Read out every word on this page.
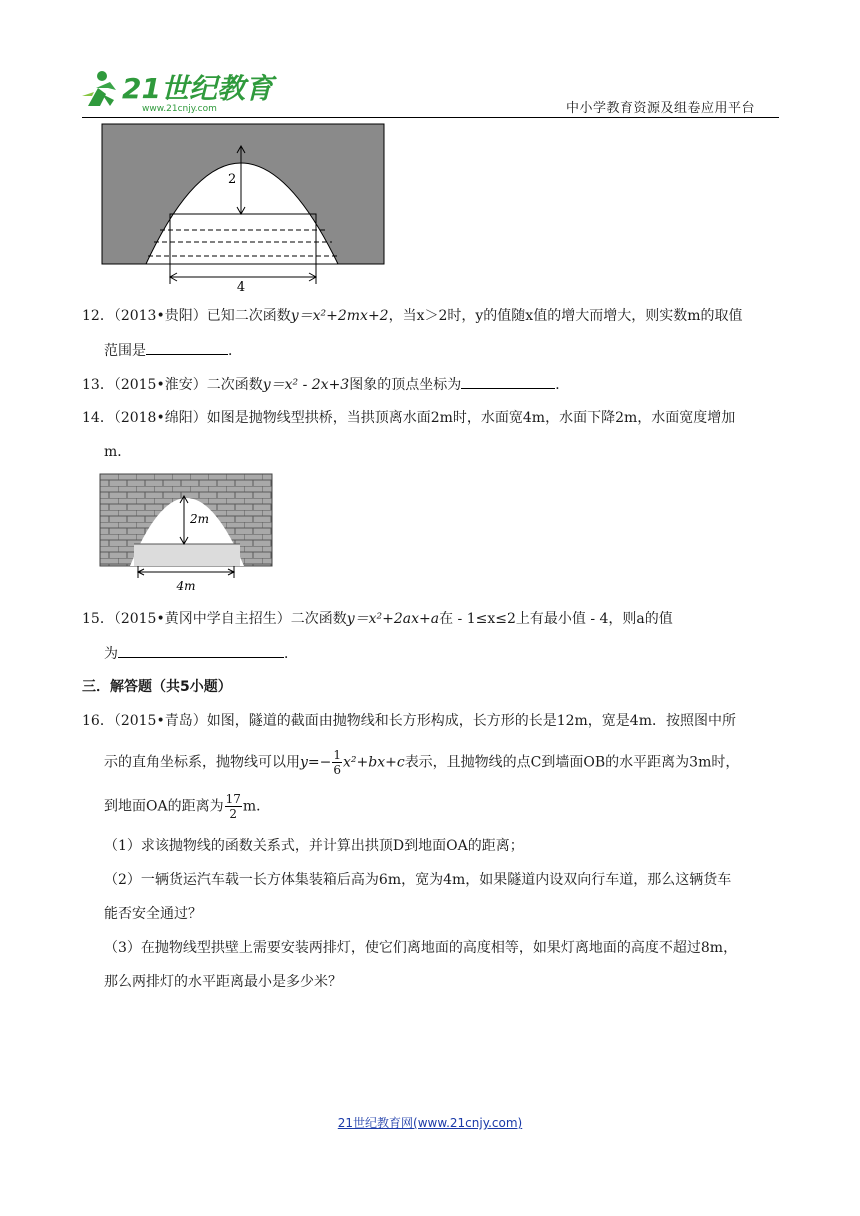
21世纪教育
www.21cnjy.com	中小学教育资源及组卷应用平台
2
4
12．（2013•贵阳）已知二次函数y＝x²+2mx+2，当x＞2时，y的值随x值的增大而增大，则实数m的取值
范围是	．
13．（2015•淮安）二次函数y＝x² - 2x+3图象的顶点坐标为	．
14．（2018•绵阳）如图是抛物线型拱桥，当拱顶离水面2m时，水面宽4m，水面下降2m，水面宽度增加
m．
2m
4m
15．（2015•黄冈中学自主招生）二次函数y＝x²+2ax+a在 - 1≤x≤2上有最小值 - 4，则a的值
为	．
三．解答题（共5小题）
16．（2015•青岛）如图，隧道的截面由抛物线和长方形构成，长方形的长是12m，宽是4m．按照图中所
示的直角坐标系，抛物线可以用$y=- \frac{1}{6} x^2+bx+c$表示，且抛物线的点C到墙面OB的水平距离为3m时，
到地面OA的距离为 $\frac{17}{2}$ m．
（1）求该抛物线的函数关系式，并计算出拱顶D到地面OA的距离；
（2）一辆货运汽车载一长方体集装箱后高为6m，宽为4m，如果隧道内设双向行车道，那么这辆货车
能否安全通过？
（3）在抛物线型拱壁上需要安装两排灯，使它们离地面的高度相等，如果灯离地面的高度不超过8m，
那么两排灯的水平距离最小是多少米？
21世纪教育网(www.21cnjy.com)
